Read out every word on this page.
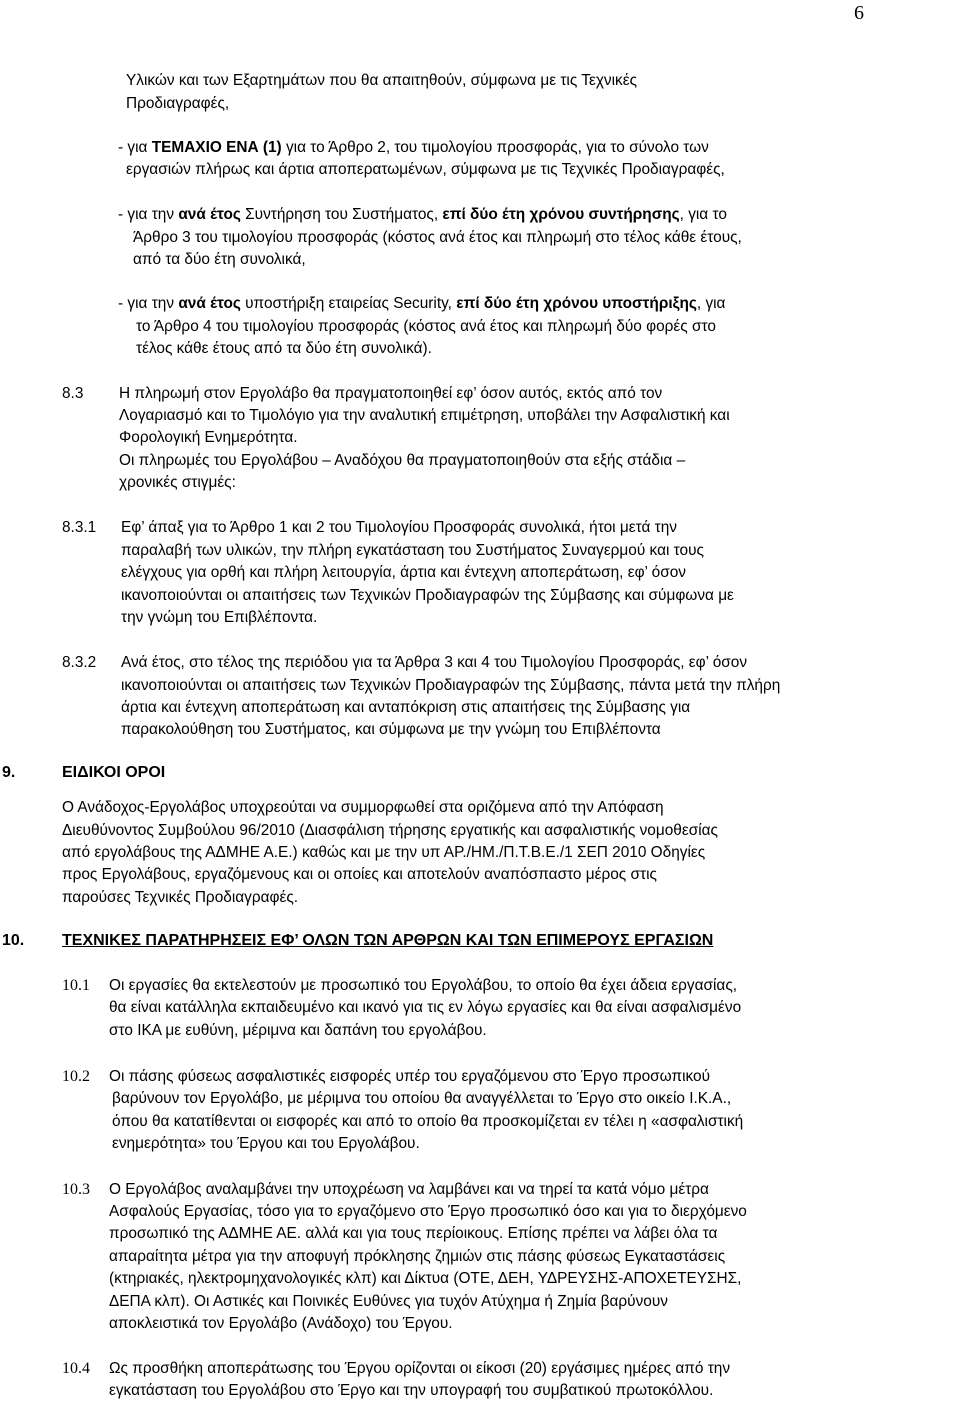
6
Υλικών και των Εξαρτημάτων που θα απαιτηθούν, σύμφωνα με τις Τεχνικές
Προδιαγραφές,
- για ΤΕΜΑΧΙΟ ΕΝΑ (1) για το Άρθρο 2, του τιμολογίου προσφοράς, για το σύνολο των
εργασιών πλήρως και άρτια αποπερατωμένων, σύμφωνα με τις Τεχνικές Προδιαγραφές,
- για την ανά έτος Συντήρηση του Συστήματος, επί δύο έτη χρόνου συντήρησης, για το
Άρθρο 3 του τιμολογίου προσφοράς (κόστος ανά έτος και πληρωμή στο τέλος κάθε έτους,
από τα δύο έτη συνολικά,
- για την ανά έτος υποστήριξη εταιρείας Security, επί δύο έτη χρόνου υποστήριξης, για
το Άρθρο 4 του τιμολογίου προσφοράς (κόστος ανά έτος και πληρωμή δύο φορές στο
τέλος κάθε έτους από τα δύο έτη συνολικά).
8.3 Η πληρωμή στον Εργολάβο θα πραγματοποιηθεί εφ’ όσον αυτός, εκτός από τον
Λογαριασμό και το Τιμολόγιο για την αναλυτική επιμέτρηση, υποβάλει την Ασφαλιστική και
Φορολογική Ενημερότητα.
Οι πληρωμές του Εργολάβου – Αναδόχου θα πραγματοποιηθούν στα εξής στάδια –
χρονικές στιγμές:
8.3.1 Εφ’ άπαξ για το Άρθρο 1 και 2 του Τιμολογίου Προσφοράς συνολικά, ήτοι μετά την
παραλαβή των υλικών, την πλήρη εγκατάσταση του Συστήματος Συναγερμού και τους
ελέγχους για ορθή και πλήρη λειτουργία, άρτια και έντεχνη αποπεράτωση, εφ’ όσον
ικανοποιούνται οι απαιτήσεις των Τεχνικών Προδιαγραφών της Σύμβασης και σύμφωνα με
την γνώμη του Επιβλέποντα.
8.3.2 Ανά έτος, στο τέλος της περιόδου για τα Άρθρα 3 και 4 του Τιμολογίου Προσφοράς, εφ’ όσον
ικανοποιούνται οι απαιτήσεις των Τεχνικών Προδιαγραφών της Σύμβασης, πάντα μετά την πλήρη
άρτια και έντεχνη αποπεράτωση και ανταπόκριση στις απαιτήσεις της Σύμβασης για
παρακολούθηση του Συστήματος, και σύμφωνα με την γνώμη του Επιβλέποντα
9.	ΕΙΔΙΚΟΙ ΟΡΟΙ
Ο Ανάδοχος-Εργολάβος υποχρεούται να συμμορφωθεί στα οριζόμενα από την Απόφαση
Διευθύνοντος Συμβούλου 96/2010 (Διασφάλιση τήρησης εργατικής και ασφαλιστικής νομοθεσίας
από εργολάβους της ΑΔΜΗΕ Α.Ε.) καθώς και με την υπ ΑΡ./ΗΜ./Π.Τ.Β.Ε./1 ΣΕΠ 2010 Οδηγίες
προς Εργολάβους, εργαζόμενους και οι οποίες και αποτελούν αναπόσπαστο μέρος στις
παρούσες Τεχνικές Προδιαγραφές.
10. ΤΕΧΝΙΚΕΣ ΠΑΡΑΤΗΡΗΣΕΙΣ ΕΦ’ ΟΛΩΝ ΤΩΝ ΑΡΘΡΩΝ ΚΑΙ ΤΩΝ ΕΠΙΜΕΡΟΥΣ ΕΡΓΑΣΙΩΝ
10.1 Οι εργασίες θα εκτελεστούν με προσωπικό του Εργολάβου, το οποίο θα έχει άδεια εργασίας,
θα είναι κατάλληλα εκπαιδευμένο και ικανό για τις εν λόγω εργασίες και θα είναι ασφαλισμένο
στο ΙΚΑ με ευθύνη, μέριμνα και δαπάνη του εργολάβου.
10.2 Οι πάσης φύσεως ασφαλιστικές εισφορές υπέρ του εργαζόμενου στο Έργο προσωπικού
βαρύνουν τον Εργολάβο, με μέριμνα του οποίου θα αναγγέλλεται το Έργο στο οικείο Ι.Κ.Α.,
όπου θα κατατίθενται οι εισφορές και από το οποίο θα προσκομίζεται εν τέλει η «ασφαλιστική
ενημερότητα» του Έργου και του Εργολάβου.
10.3 Ο Εργολάβος αναλαμβάνει την υποχρέωση να λαμβάνει και να τηρεί τα κατά νόμο μέτρα
Ασφαλούς Εργασίας, τόσο για το εργαζόμενο στο Έργο προσωπικό όσο και για το διερχόμενο
προσωπικό της ΑΔΜΗΕ ΑΕ. αλλά και για τους περίοικους. Επίσης πρέπει να λάβει όλα τα
απαραίτητα μέτρα για την αποφυγή πρόκλησης ζημιών στις πάσης φύσεως Εγκαταστάσεις
(κτηριακές, ηλεκτρομηχανολογικές κλπ) και Δίκτυα (ΟΤΕ, ΔΕΗ, ΥΔΡΕΥΣΗΣ-ΑΠΟΧΕΤΕΥΣΗΣ,
ΔΕΠΑ κλπ). Οι Αστικές και Ποινικές Ευθύνες για τυχόν Ατύχημα ή Ζημία βαρύνουν
αποκλειστικά τον Εργολάβο (Ανάδοχο) του Έργου.
10.4 Ως προσθήκη αποπεράτωσης του Έργου ορίζονται οι είκοσι (20) εργάσιμες ημέρες από την
εγκατάσταση του Εργολάβου στο Έργο και την υπογραφή του συμβατικού πρωτοκόλλου.
